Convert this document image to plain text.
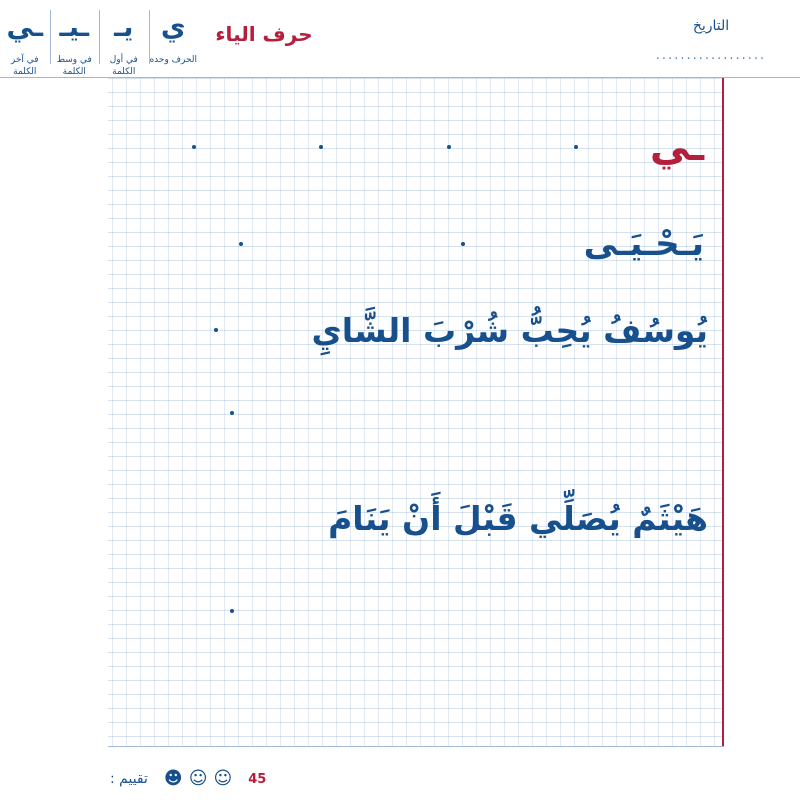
التاريخ
..................
حرف الياء
ي
الحرف وحده
يـ
في أول الكلمة
ـيـ
في وسط الكلمة
ـي
في آخر الكلمة
ـي
يَـحْـيَـى
يُوسُفُ يُحِبُّ شُرْبَ الشَّايِ
هَيْثَمٌ يُصَلِّي قَبْلَ أَنْ يَنَامَ
تقييم :	☺
☺
☻	45
